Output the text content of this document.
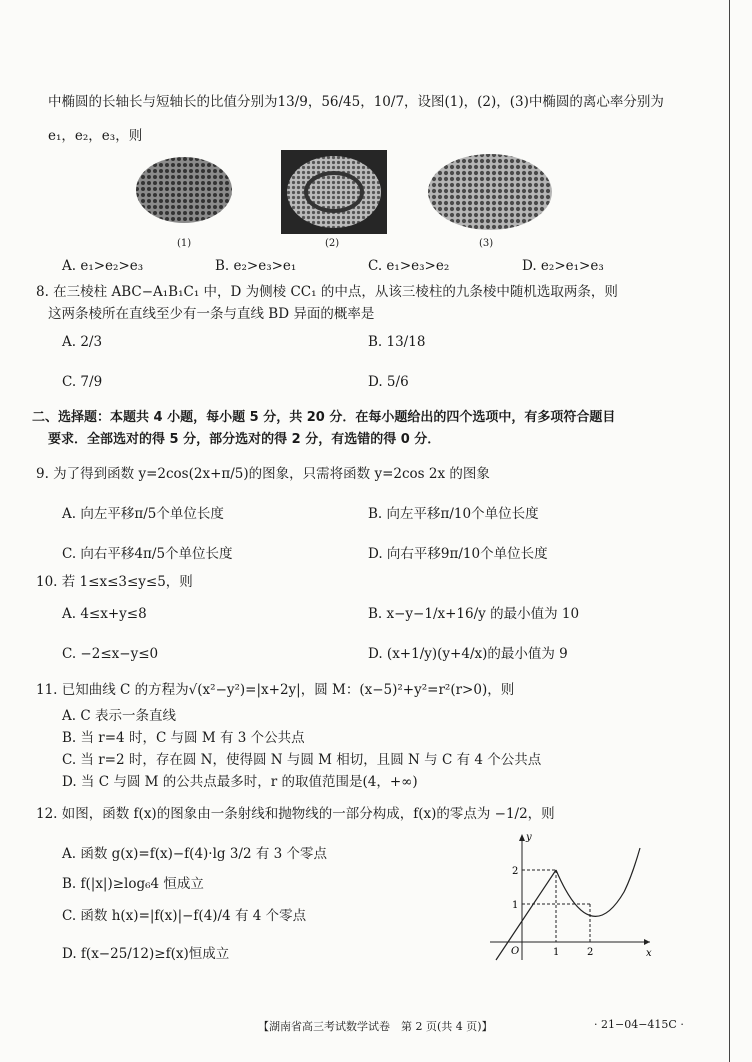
中椭圆的长轴长与短轴长的比值分别为13/9，56/45，10/7，设图(1)，(2)，(3)中椭圆的离心率分别为
e₁，e₂，e₃，则
(1)	(2)	(3)
A. e₁>e₂>e₃	B. e₂>e₃>e₁	C. e₁>e₃>e₂	D. e₂>e₁>e₃
8. 在三棱柱 ABC−A₁B₁C₁ 中，D 为侧棱 CC₁ 的中点，从该三棱柱的九条棱中随机选取两条，则
这两条棱所在直线至少有一条与直线 BD 异面的概率是
A. 2/3	B. 13/18
C. 7/9	D. 5/6
二、选择题：本题共 4 小题，每小题 5 分，共 20 分．在每小题给出的四个选项中，有多项符合题目
要求．全部选对的得 5 分，部分选对的得 2 分，有选错的得 0 分．
9. 为了得到函数 y=2cos(2x+π/5)的图象，只需将函数 y=2cos 2x 的图象
A. 向左平移π/5个单位长度	B. 向左平移π/10个单位长度
C. 向右平移4π/5个单位长度	D. 向右平移9π/10个单位长度
10. 若 1≤x≤3≤y≤5，则
A. 4≤x+y≤8	B. x−y−1/x+16/y 的最小值为 10
C. −2≤x−y≤0	D. (x+1/y)(y+4/x)的最小值为 9
11. 已知曲线 C 的方程为√(x²−y²)=|x+2y|，圆 M：(x−5)²+y²=r²(r>0)，则
A. C 表示一条直线
B. 当 r=4 时，C 与圆 M 有 3 个公共点
C. 当 r=2 时，存在圆 N，使得圆 N 与圆 M 相切，且圆 N 与 C 有 4 个公共点
D. 当 C 与圆 M 的公共点最多时，r 的取值范围是(4，+∞)
12. 如图，函数 f(x)的图象由一条射线和抛物线的一部分构成，f(x)的零点为 −1/2，则
A. 函数 g(x)=f(x)−f(4)·lg 3/2 有 3 个零点
B. f(|x|)≥log₆4 恒成立
C. 函数 h(x)=|f(x)|−f(4)/4 有 4 个零点
D. f(x−25/12)≥f(x)恒成立
y
x
O
2
1
1	2
【湖南省高三考试数学试卷　第 2 页(共 4 页)】	· 21−04−415C ·
